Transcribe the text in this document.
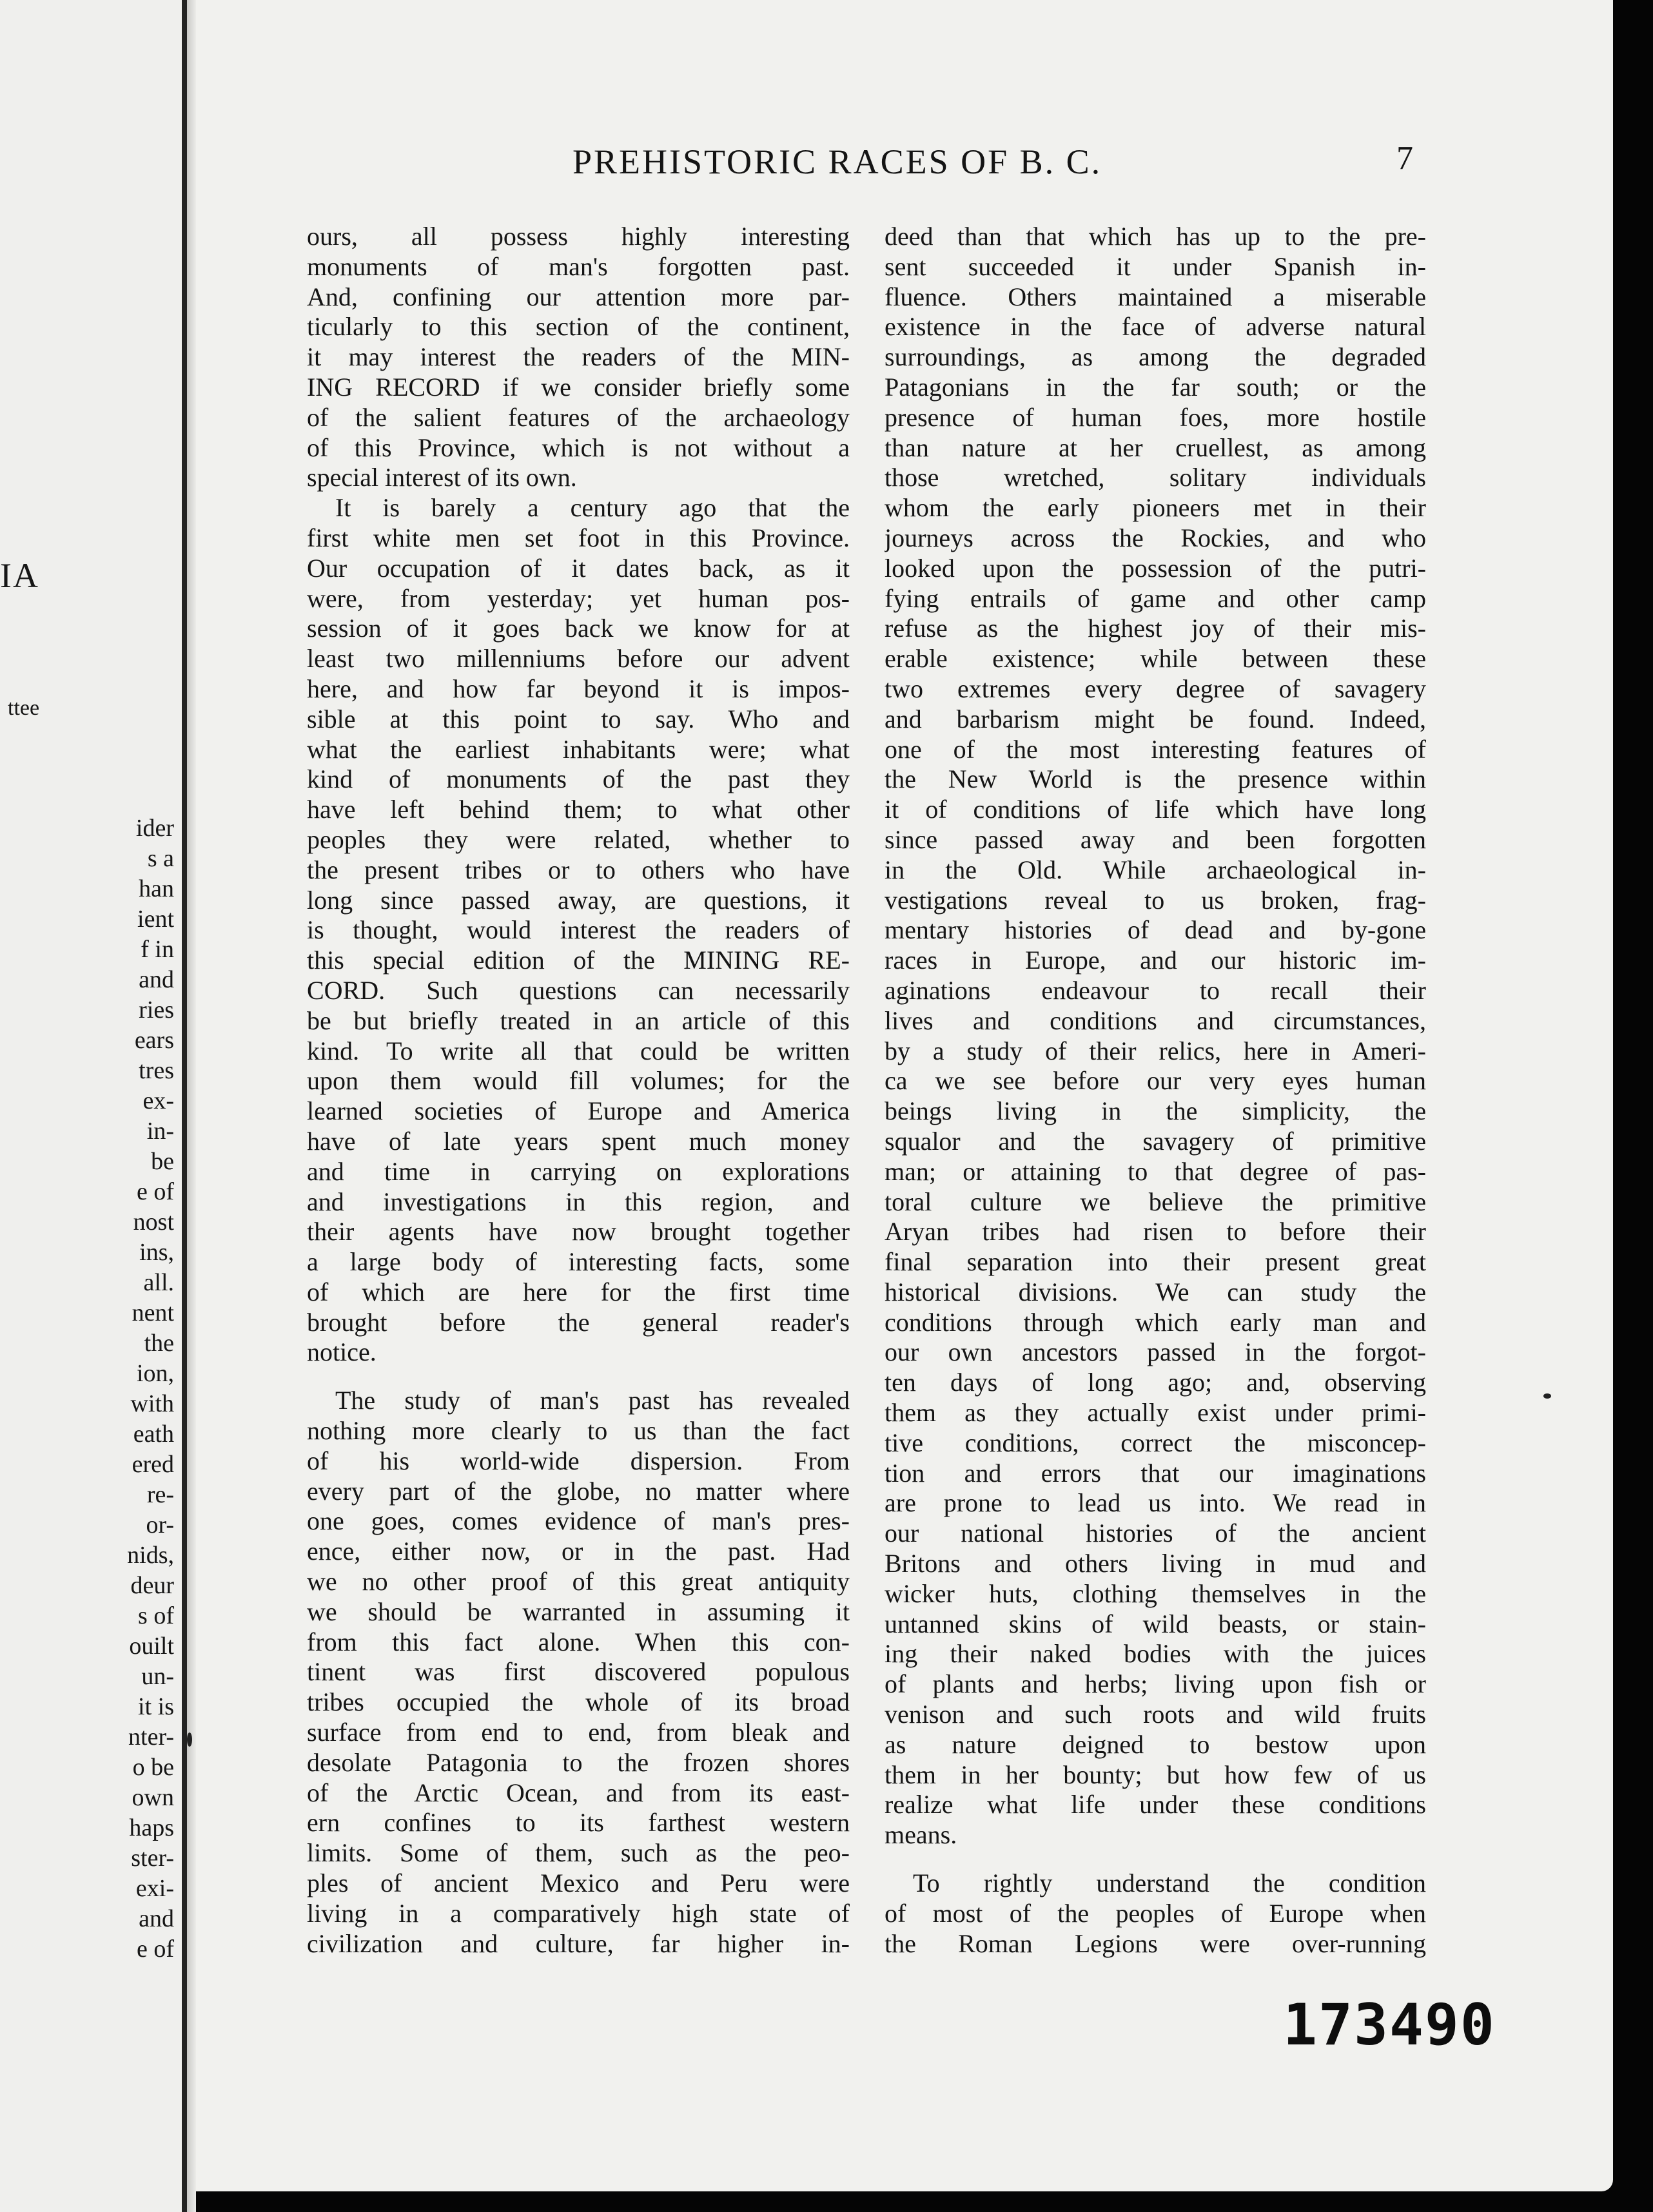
IA
ttee
ider
s a
han
ient
f in
and
ries
ears
tres
ex-
in-
be
e of
nost
ins,
all.
nent
the
ion,
with
eath
ered
re-
or-
nids,
deur
s of
ouilt
un-
it is
nter-
o be
own
haps
ster-
exi-
and
e of
PREHISTORIC RACES OF B. C.	7
ours, all possess highly interesting
monuments of man's forgotten past.
And, confining our attention more par-
ticularly to this section of the continent,
it may interest the readers of the MIN-
ING RECORD if we consider briefly some
of the salient features of the archaeology
of this Province, which is not without a
special interest of its own.
It is barely a century ago that the
first white men set foot in this Province.
Our occupation of it dates back, as it
were, from yesterday; yet human pos-
session of it goes back we know for at
least two millenniums before our advent
here, and how far beyond it is impos-
sible at this point to say. Who and
what the earliest inhabitants were; what
kind of monuments of the past they
have left behind them; to what other
peoples they were related, whether to
the present tribes or to others who have
long since passed away, are questions, it
is thought, would interest the readers of
this special edition of the MINING RE-
CORD. Such questions can necessarily
be but briefly treated in an article of this
kind. To write all that could be written
upon them would fill volumes; for the
learned societies of Europe and America
have of late years spent much money
and time in carrying on explorations
and investigations in this region, and
their agents have now brought together
a large body of interesting facts, some
of which are here for the first time
brought before the general reader's
notice.
The study of man's past has revealed
nothing more clearly to us than the fact
of his world-wide dispersion. From
every part of the globe, no matter where
one goes, comes evidence of man's pres-
ence, either now, or in the past. Had
we no other proof of this great antiquity
we should be warranted in assuming it
from this fact alone. When this con-
tinent was first discovered populous
tribes occupied the whole of its broad
surface from end to end, from bleak and
desolate Patagonia to the frozen shores
of the Arctic Ocean, and from its east-
ern confines to its farthest western
limits. Some of them, such as the peo-
ples of ancient Mexico and Peru were
living in a comparatively high state of
civilization and culture, far higher in-
deed than that which has up to the pre-
sent succeeded it under Spanish in-
fluence. Others maintained a miserable
existence in the face of adverse natural
surroundings, as among the degraded
Patagonians in the far south; or the
presence of human foes, more hostile
than nature at her cruellest, as among
those wretched, solitary individuals
whom the early pioneers met in their
journeys across the Rockies, and who
looked upon the possession of the putri-
fying entrails of game and other camp
refuse as the highest joy of their mis-
erable existence; while between these
two extremes every degree of savagery
and barbarism might be found. Indeed,
one of the most interesting features of
the New World is the presence within
it of conditions of life which have long
since passed away and been forgotten
in the Old. While archaeological in-
vestigations reveal to us broken, frag-
mentary histories of dead and by-gone
races in Europe, and our historic im-
aginations endeavour to recall their
lives and conditions and circumstances,
by a study of their relics, here in Ameri-
ca we see before our very eyes human
beings living in the simplicity, the
squalor and the savagery of primitive
man; or attaining to that degree of pas-
toral culture we believe the primitive
Aryan tribes had risen to before their
final separation into their present great
historical divisions. We can study the
conditions through which early man and
our own ancestors passed in the forgot-
ten days of long ago; and, observing
them as they actually exist under primi-
tive conditions, correct the misconcep-
tion and errors that our imaginations
are prone to lead us into. We read in
our national histories of the ancient
Britons and others living in mud and
wicker huts, clothing themselves in the
untanned skins of wild beasts, or stain-
ing their naked bodies with the juices
of plants and herbs; living upon fish or
venison and such roots and wild fruits
as nature deigned to bestow upon
them in her bounty; but how few of us
realize what life under these conditions
means.
To rightly understand the condition
of most of the peoples of Europe when
the Roman Legions were over-running
173490
